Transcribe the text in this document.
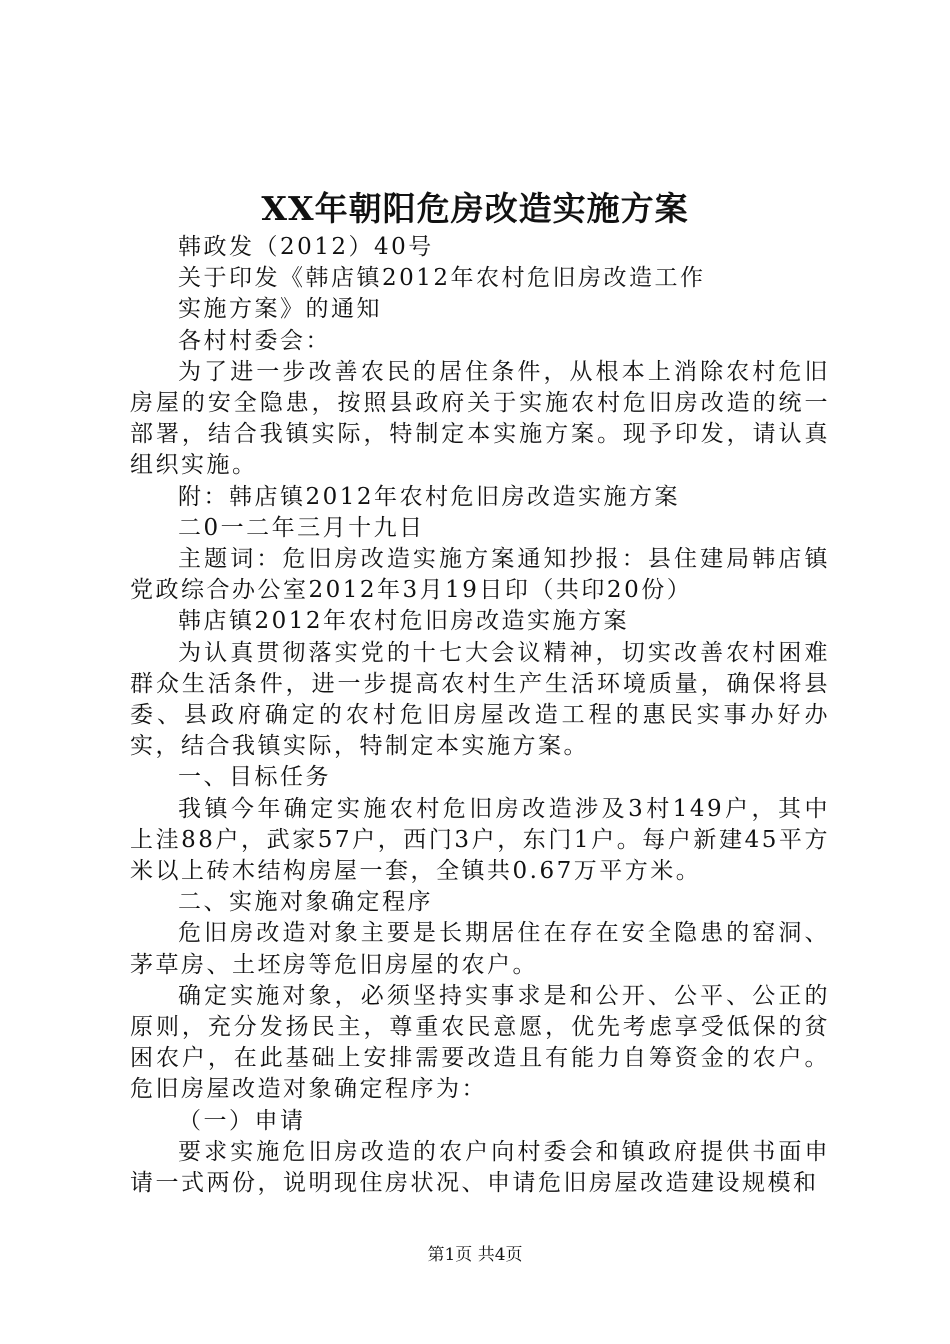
XX年朝阳危房改造实施方案

韩政发（2012）40号

关于印发《韩店镇2012年农村危旧房改造工作

实施方案》的通知

各村村委会：

为了进一步改善农民的居住条件，从根本上消除农村危旧房屋的安全隐患，按照县政府关于实施农村危旧房改造的统一部署，结合我镇实际，特制定本实施方案。现予印发，请认真组织实施。

附：韩店镇2012年农村危旧房改造实施方案

二0一二年三月十九日

主题词：危旧房改造实施方案通知抄报：县住建局韩店镇党政综合办公室2012年3月19日印（共印20份）

韩店镇2012年农村危旧房改造实施方案

为认真贯彻落实党的十七大会议精神，切实改善农村困难群众生活条件，进一步提高农村生产生活环境质量，确保将县委、县政府确定的农村危旧房屋改造工程的惠民实事办好办实，结合我镇实际，特制定本实施方案。

一、目标任务

我镇今年确定实施农村危旧房改造涉及3村149户，其中上洼88户，武家57户，西门3户，东门1户。每户新建45平方米以上砖木结构房屋一套，全镇共0.67万平方米。

二、实施对象确定程序

危旧房改造对象主要是长期居住在存在安全隐患的窑洞、茅草房、土坯房等危旧房屋的农户。

确定实施对象，必须坚持实事求是和公开、公平、公正的原则，充分发扬民主，尊重农民意愿，优先考虑享受低保的贫困农户，在此基础上安排需要改造且有能力自筹资金的农户。危旧房屋改造对象确定程序为：

（一）申请

要求实施危旧房改造的农户向村委会和镇政府提供书面申请一式两份，说明现住房状况、申请危旧房屋改造建设规模和

第1页 共4页
